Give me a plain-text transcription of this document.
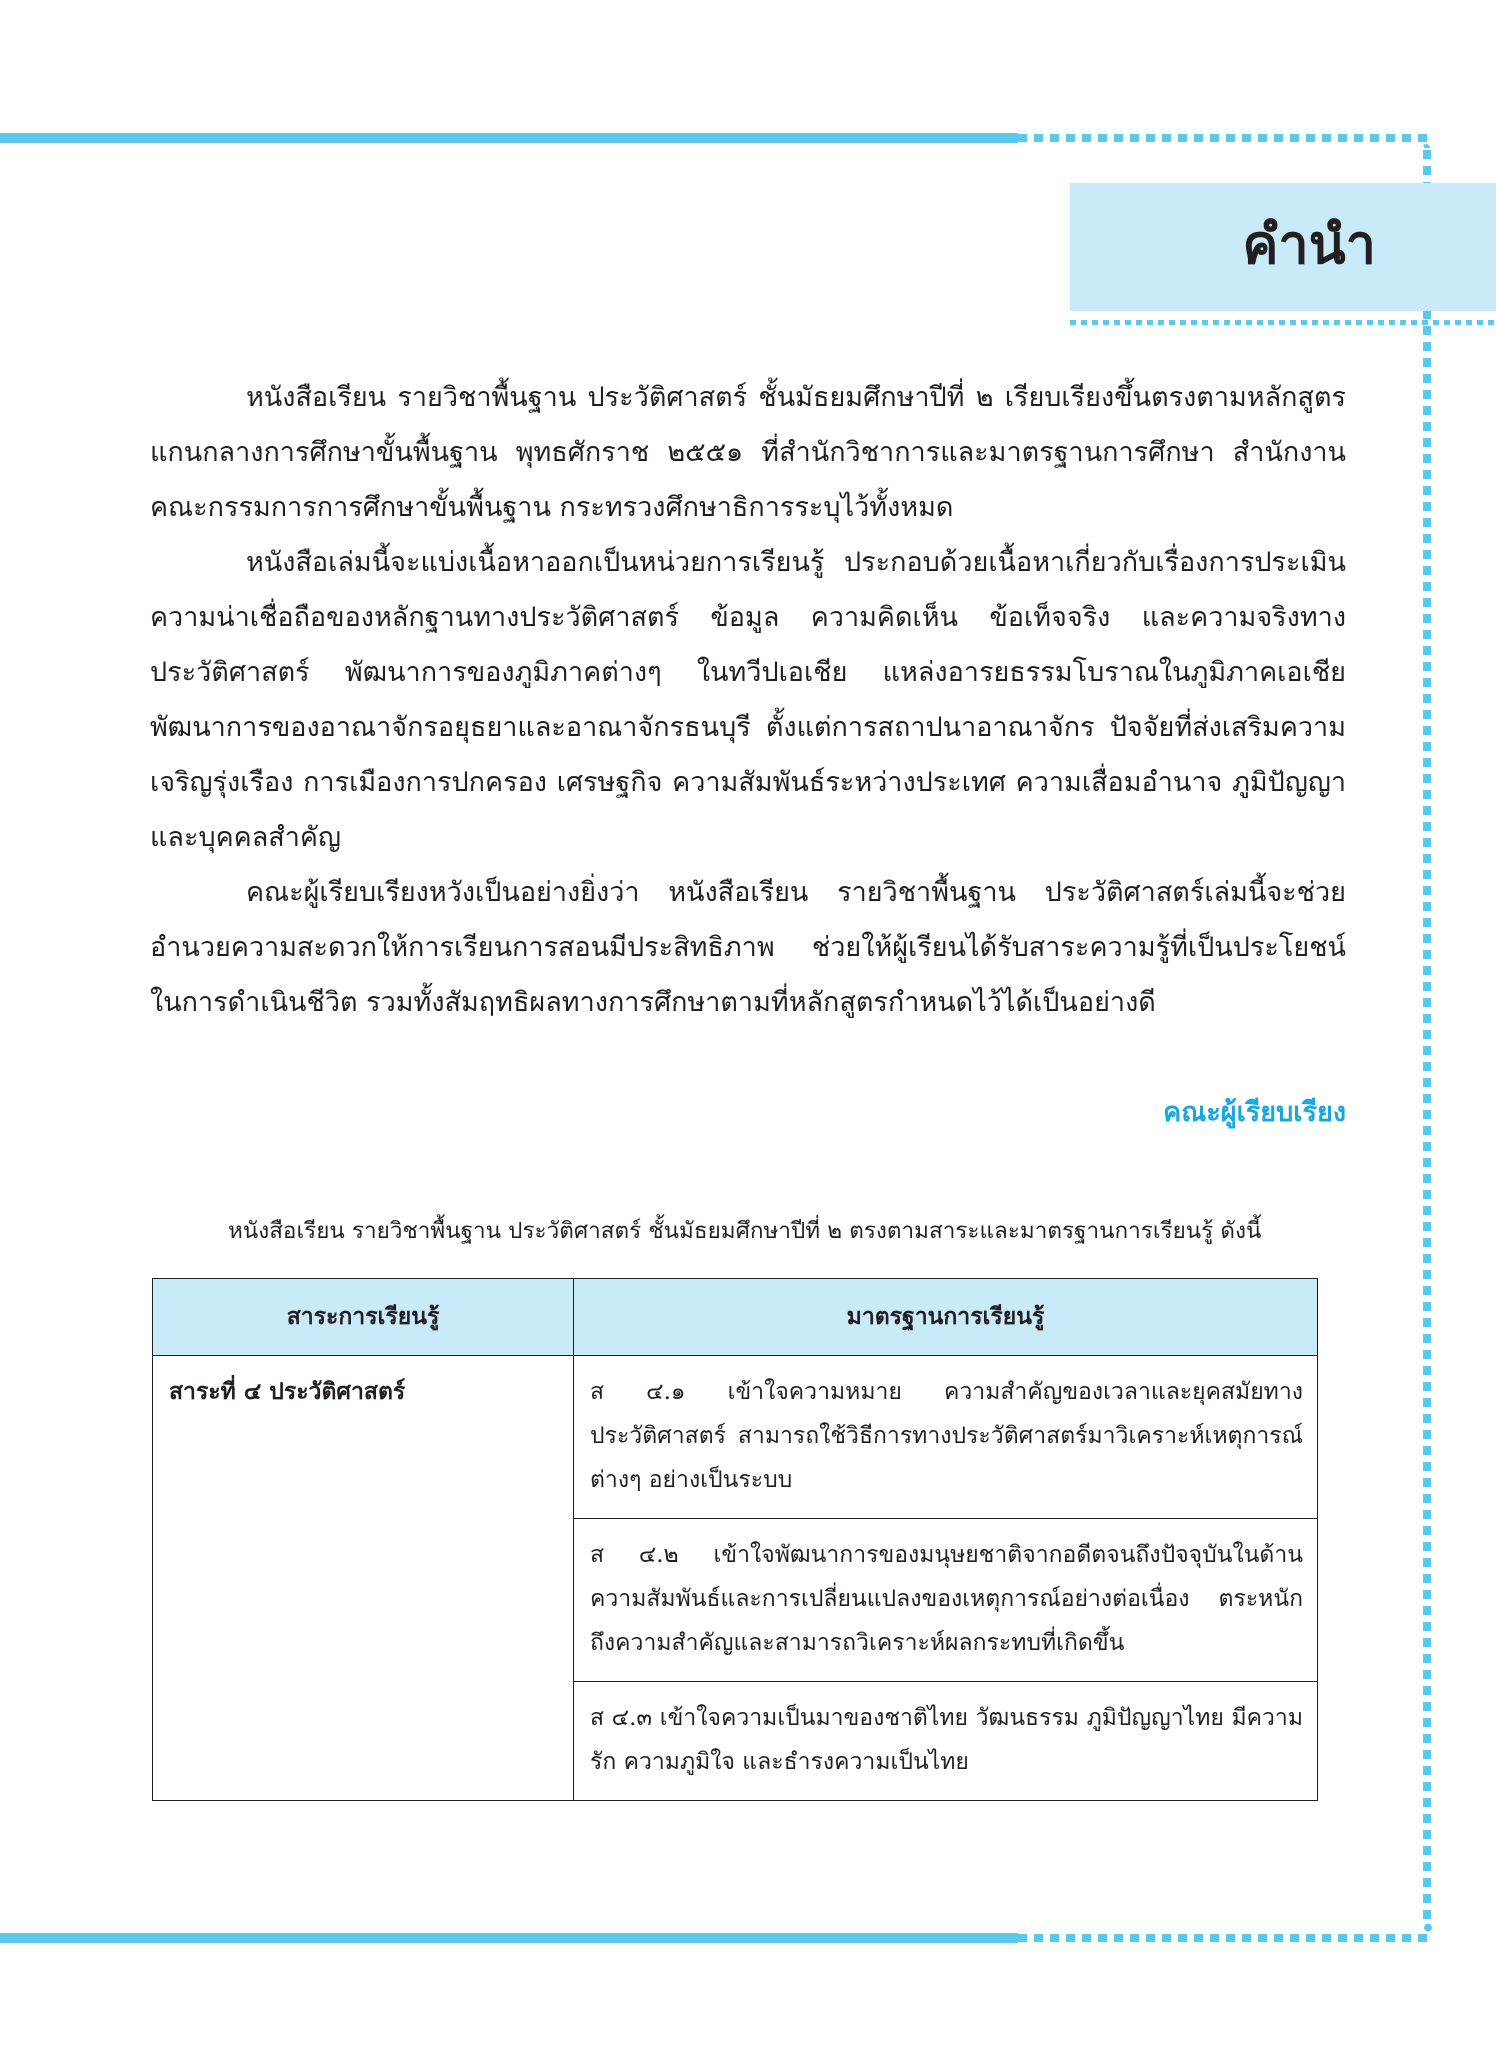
คำนำ

หนังสือเรียน รายวิชาพื้นฐาน ประวัติศาสตร์ ชั้นมัธยมศึกษาปีที่ ๒ เรียบเรียงขึ้นตรงตามหลักสูตรแกนกลางการศึกษาขั้นพื้นฐาน พุทธศักราช ๒๕๕๑ ที่สำนักวิชาการและมาตรฐานการศึกษา สำนักงานคณะกรรมการการศึกษาขั้นพื้นฐาน กระทรวงศึกษาธิการระบุไว้ทั้งหมด

หนังสือเล่มนี้จะแบ่งเนื้อหาออกเป็นหน่วยการเรียนรู้ ประกอบด้วยเนื้อหาเกี่ยวกับเรื่องการประเมินความน่าเชื่อถือของหลักฐานทางประวัติศาสตร์ ข้อมูล ความคิดเห็น ข้อเท็จจริง และความจริงทางประวัติศาสตร์ พัฒนาการของภูมิภาคต่างๆ ในทวีปเอเชีย แหล่งอารยธรรมโบราณในภูมิภาคเอเชีย พัฒนาการของอาณาจักรอยุธยาและอาณาจักรธนบุรี ตั้งแต่การสถาปนาอาณาจักร ปัจจัยที่ส่งเสริมความเจริญรุ่งเรือง การเมืองการปกครอง เศรษฐกิจ ความสัมพันธ์ระหว่างประเทศ ความเสื่อมอำนาจ ภูมิปัญญา และบุคคลสำคัญ

คณะผู้เรียบเรียงหวังเป็นอย่างยิ่งว่า หนังสือเรียน รายวิชาพื้นฐาน ประวัติศาสตร์เล่มนี้จะช่วยอำนวยความสะดวกให้การเรียนการสอนมีประสิทธิภาพ ช่วยให้ผู้เรียนได้รับสาระความรู้ที่เป็นประโยชน์ในการดำเนินชีวิต รวมทั้งสัมฤทธิผลทางการศึกษาตามที่หลักสูตรกำหนดไว้ได้เป็นอย่างดี

คณะผู้เรียบเรียง
หนังสือเรียน รายวิชาพื้นฐาน ประวัติศาสตร์ ชั้นมัธยมศึกษาปีที่ ๒ ตรงตามสาระและมาตรฐานการเรียนรู้ ดังนี้
สาระการเรียนรู้	มาตรฐานการเรียนรู้
สาระที่ ๔ ประวัติศาสตร์	ส ๔.๑ เข้าใจความหมาย ความสำคัญของเวลาและยุคสมัยทางประวัติศาสตร์ สามารถใช้วิธีการทางประวัติศาสตร์มาวิเคราะห์เหตุการณ์ต่างๆ อย่างเป็นระบบ
	ส ๔.๒ เข้าใจพัฒนาการของมนุษยชาติจากอดีตจนถึงปัจจุบันในด้านความสัมพันธ์และการเปลี่ยนแปลงของเหตุการณ์อย่างต่อเนื่อง ตระหนักถึงความสำคัญและสามารถวิเคราะห์ผลกระทบที่เกิดขึ้น
	ส ๔.๓ เข้าใจความเป็นมาของชาติไทย วัฒนธรรม ภูมิปัญญาไทย มีความรัก ความภูมิใจ และธำรงความเป็นไทย
